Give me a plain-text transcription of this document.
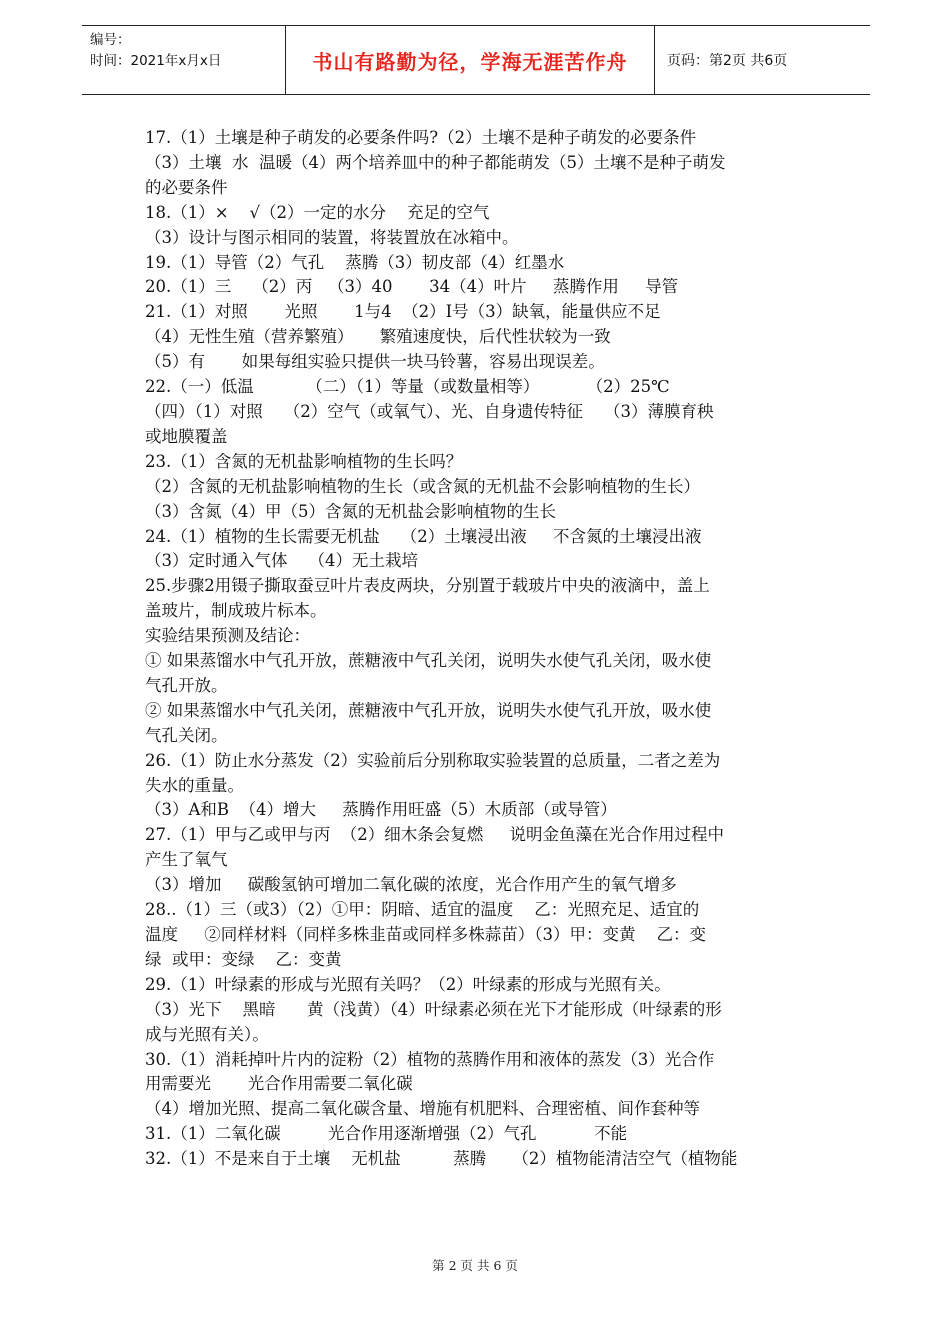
编号：
时间：2021年x月x日	书山有路勤为径，学海无涯苦作舟	页码：第2页 共6页

17.（1）土壤是种子萌发的必要条件吗?（2）土壤不是种子萌发的必要条件

（3）土壤  水  温暖（4）两个培养皿中的种子都能萌发（5）土壤不是种子萌发

的必要条件

18.（1）×    √（2）一定的水分    充足的空气

（3）设计与图示相同的装置，将装置放在冰箱中。

19.（1）导管（2）气孔    蒸腾（3）韧皮部（4）红墨水

20.（1）三    （2）丙   （3）40       34（4）叶片     蒸腾作用     导管

21.（1）对照       光照       1与4  （2）Ⅰ号（3）缺氧，能量供应不足

（4）无性生殖（营养繁殖）     繁殖速度快，后代性状较为一致

（5）有       如果每组实验只提供一块马铃薯，容易出现误差。

22.（一）低温          （二）（1）等量（或数量相等）         （2）25℃

（四）（1）对照    （2）空气（或氧气）、光、自身遗传特征    （3）薄膜育秧

或地膜覆盖

23.（1）含氮的无机盐影响植物的生长吗？

（2）含氮的无机盐影响植物的生长（或含氮的无机盐不会影响植物的生长）

（3）含氮（4）甲（5）含氮的无机盐会影响植物的生长

24.（1）植物的生长需要无机盐    （2）土壤浸出液     不含氮的土壤浸出液

（3）定时通入气体    （4）无土栽培

25.步骤2用镊子撕取蚕豆叶片表皮两块，分别置于载玻片中央的液滴中，盖上

盖玻片，制成玻片标本。

实验结果预测及结论：

① 如果蒸馏水中气孔开放，蔗糖液中气孔关闭，说明失水使气孔关闭，吸水使

气孔开放。

② 如果蒸馏水中气孔关闭，蔗糖液中气孔开放，说明失水使气孔开放，吸水使

气孔关闭。

26.（1）防止水分蒸发（2）实验前后分别称取实验装置的总质量，二者之差为

失水的重量。

（3）A和B  （4）增大     蒸腾作用旺盛（5）木质部（或导管）

27.（1）甲与乙或甲与丙  （2）细木条会复燃     说明金鱼藻在光合作用过程中

产生了氧气

（3）增加     碳酸氢钠可增加二氧化碳的浓度，光合作用产生的氧气增多

28..（1）三（或3）（2）①甲：阴暗、适宜的温度    乙：光照充足、适宜的

温度     ②同样材料（同样多株韭苗或同样多株蒜苗）（3）甲：变黄    乙：变

绿  或甲：变绿    乙：变黄

29.（1）叶绿素的形成与光照有关吗？（2）叶绿素的形成与光照有关。

（3）光下    黑暗      黄（浅黄）（4）叶绿素必须在光下才能形成（叶绿素的形

成与光照有关）。

30.（1）消耗掉叶片内的淀粉（2）植物的蒸腾作用和液体的蒸发（3）光合作

用需要光       光合作用需要二氧化碳

（4）增加光照、提高二氧化碳含量、增施有机肥料、合理密植、间作套种等

31.（1）二氧化碳         光合作用逐渐增强（2）气孔           不能

32.（1）不是来自于土壤    无机盐          蒸腾     （2）植物能清洁空气（植物能

第 2 页 共 6 页
